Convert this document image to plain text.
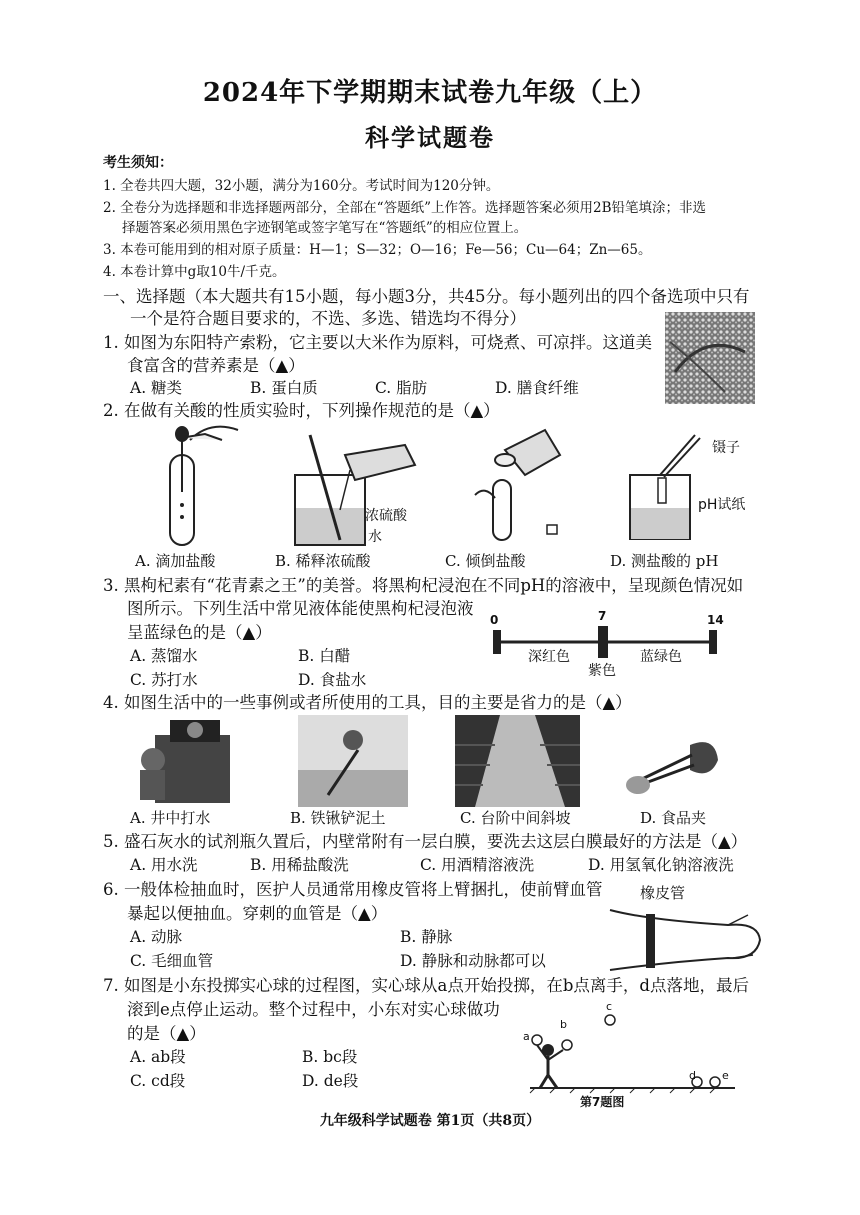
2024年下学期期末试卷九年级（上）
科学试题卷
考生须知：
1. 全卷共四大题，32小题，满分为160分。考试时间为120分钟。
2. 全卷分为选择题和非选择题两部分，全部在“答题纸”上作答。选择题答案必须用2B铅笔填涂；非选
择题答案必须用黑色字迹钢笔或签字笔写在“答题纸”的相应位置上。
3. 本卷可能用到的相对原子质量：H—1；S—32；O—16；Fe—56；Cu—64；Zn—65。
4. 本卷计算中g取10牛/千克。
一、选择题（本大题共有15小题，每小题3分，共45分。每小题列出的四个备选项中只有
一个是符合题目要求的，不选、多选、错选均不得分）
1. 如图为东阳特产索粉，它主要以大米作为原料，可烧煮、可凉拌。这道美
食富含的营养素是（▲）
A. 糖类	B. 蛋白质	C. 脂肪	D. 膳食纤维
2. 在做有关酸的性质实验时，下列操作规范的是（▲）
浓硫酸
水
镊子
pH试纸
A. 滴加盐酸	B. 稀释浓硫酸	C. 倾倒盐酸	D. 测盐酸的 pH
3. 黑枸杞素有“花青素之王”的美誉。将黑枸杞浸泡在不同pH的溶液中，呈现颜色情况如
图所示。下列生活中常见液体能使黑枸杞浸泡液
呈蓝绿色的是（▲）
A. 蒸馏水	B. 白醋
C. 苏打水	D. 食盐水
0	7	14
深红色
紫色
蓝绿色
4. 如图生活中的一些事例或者所使用的工具，目的主要是省力的是（▲）
A. 井中打水	B. 铁锹铲泥土	C. 台阶中间斜坡	D. 食品夹
5. 盛石灰水的试剂瓶久置后，内壁常附有一层白膜，要洗去这层白膜最好的方法是（▲）
A. 用水洗	B. 用稀盐酸洗	C. 用酒精溶液洗	D. 用氢氧化钠溶液洗
6. 一般体检抽血时，医护人员通常用橡皮管将上臂捆扎，使前臂血管
暴起以便抽血。穿刺的血管是（▲）
A. 动脉	B. 静脉
C. 毛细血管	D. 静脉和动脉都可以
橡皮管
7. 如图是小东投掷实心球的过程图，实心球从a点开始投掷，在b点离手，d点落地，最后
滚到e点停止运动。整个过程中，小东对实心球做功
的是（▲）
A. ab段	B. bc段
C. cd段	D. de段
a
b
c
d e
第7题图
九年级科学试题卷 第1页（共8页）
